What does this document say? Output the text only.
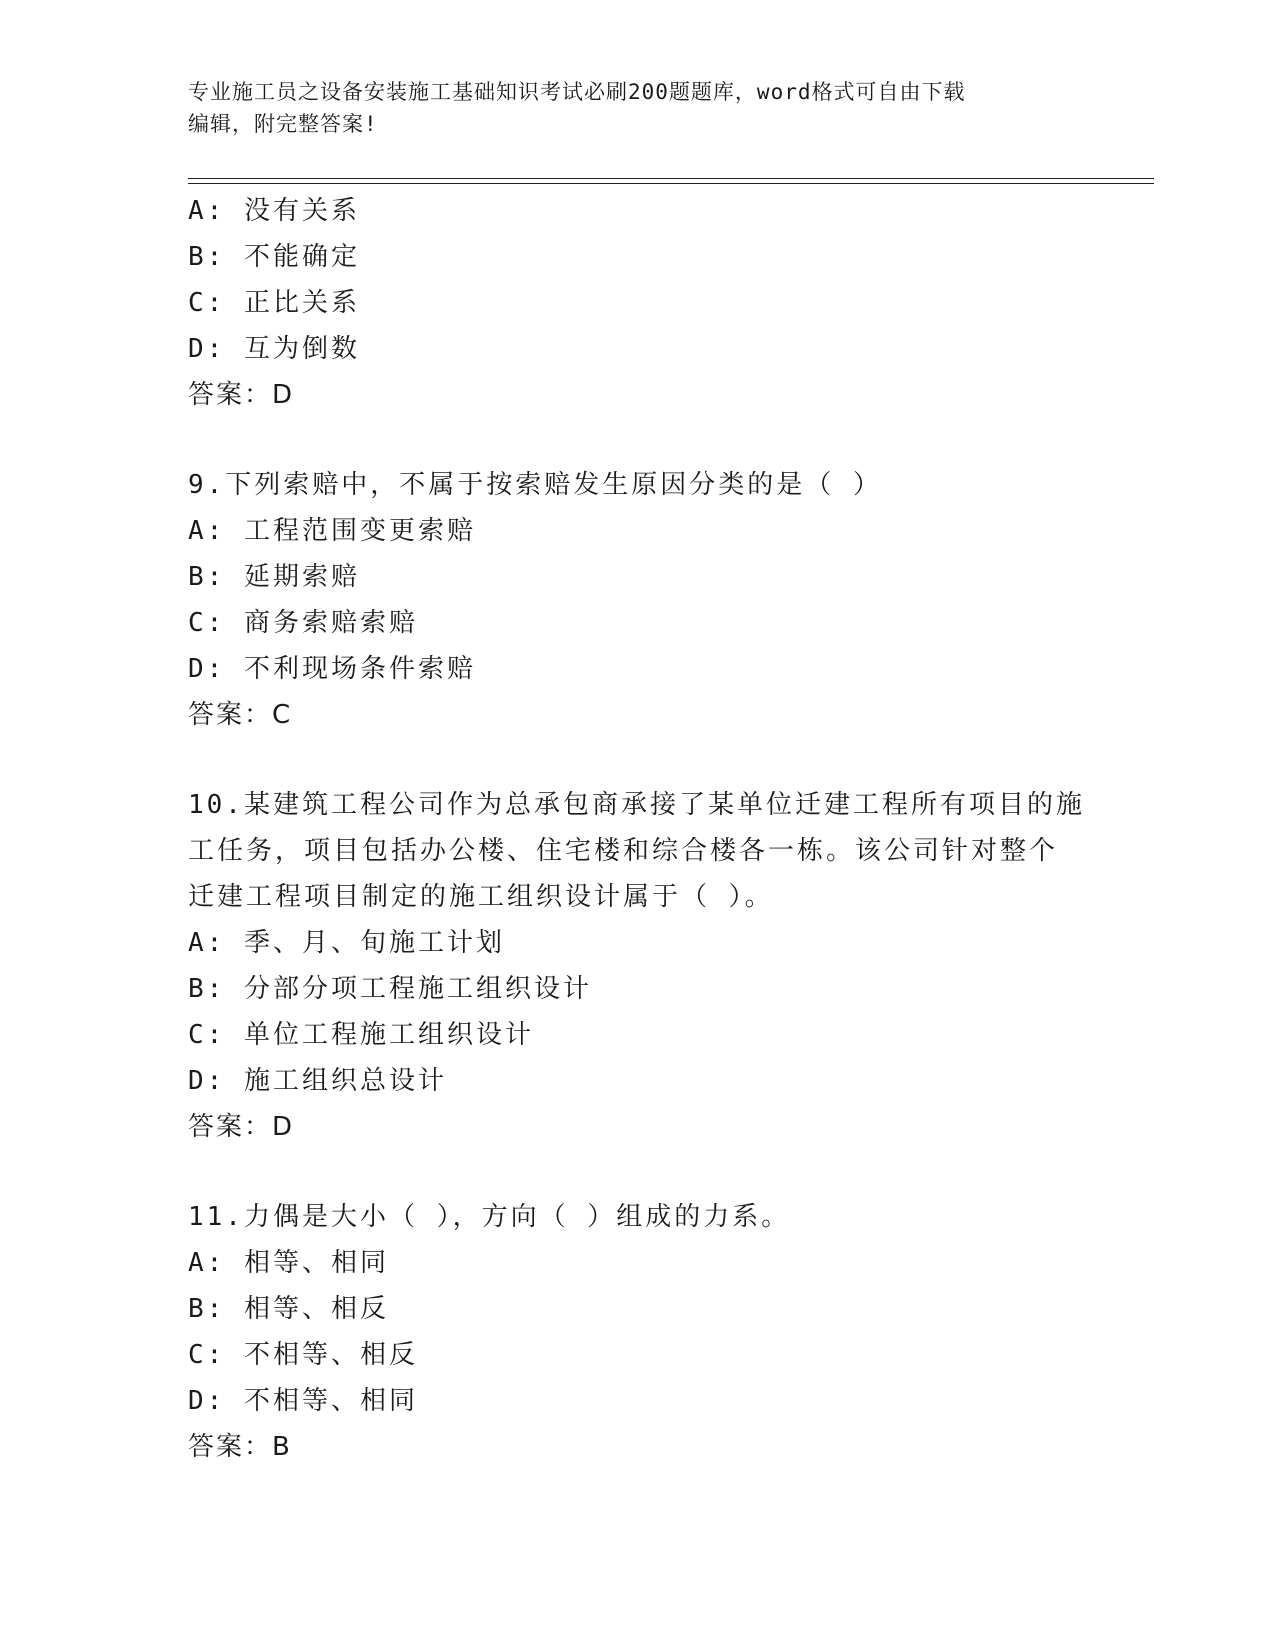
专业施工员之设备安装施工基础知识考试必刷200题题库，word格式可自由下载
编辑，附完整答案!
A: 没有关系
B: 不能确定
C: 正比关系
D: 互为倒数
答案：D
9.下列索赔中，不属于按索赔发生原因分类的是（ ）
A: 工程范围变更索赔
B: 延期索赔
C: 商务索赔索赔
D: 不利现场条件索赔
答案：C
10.某建筑工程公司作为总承包商承接了某单位迁建工程所有项目的施
工任务，项目包括办公楼、住宅楼和综合楼各一栋。该公司针对整个
迁建工程项目制定的施工组织设计属于（ ）。
A: 季、月、旬施工计划
B: 分部分项工程施工组织设计
C: 单位工程施工组织设计
D: 施工组织总设计
答案：D
11.力偶是大小（ ），方向（ ）组成的力系。
A: 相等、相同
B: 相等、相反
C: 不相等、相反
D: 不相等、相同
答案：B
